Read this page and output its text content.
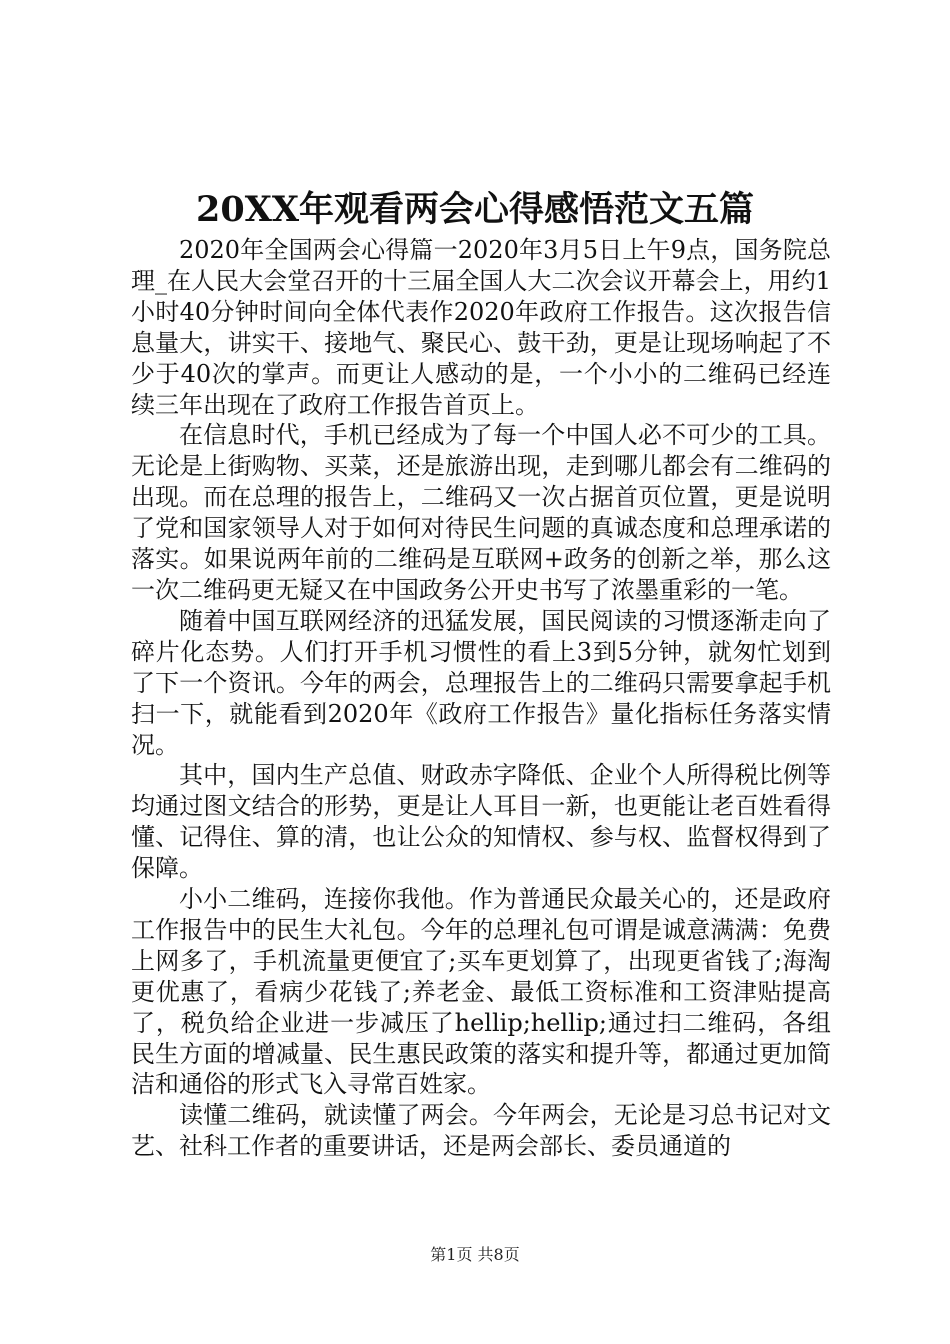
20XX年观看两会心得感悟范文五篇

2020年全国两会心得篇一2020年3月5日上午9点，国务院总理_在人民大会堂召开的十三届全国人大二次会议开幕会上，用约1小时40分钟时间向全体代表作2020年政府工作报告。这次报告信息量大，讲实干、接地气、聚民心、鼓干劲，更是让现场响起了不少于40次的掌声。而更让人感动的是，一个小小的二维码已经连续三年出现在了政府工作报告首页上。

在信息时代，手机已经成为了每一个中国人必不可少的工具。无论是上街购物、买菜，还是旅游出现，走到哪儿都会有二维码的出现。而在总理的报告上，二维码又一次占据首页位置，更是说明了党和国家领导人对于如何对待民生问题的真诚态度和总理承诺的落实。如果说两年前的二维码是互联网+政务的创新之举，那么这一次二维码更无疑又在中国政务公开史书写了浓墨重彩的一笔。

随着中国互联网经济的迅猛发展，国民阅读的习惯逐渐走向了碎片化态势。人们打开手机习惯性的看上3到5分钟，就匆忙划到了下一个资讯。今年的两会，总理报告上的二维码只需要拿起手机扫一下，就能看到2020年《政府工作报告》量化指标任务落实情况。

其中，国内生产总值、财政赤字降低、企业个人所得税比例等均通过图文结合的形势，更是让人耳目一新，也更能让老百姓看得懂、记得住、算的清，也让公众的知情权、参与权、监督权得到了保障。

小小二维码，连接你我他。作为普通民众最关心的，还是政府工作报告中的民生大礼包。今年的总理礼包可谓是诚意满满：免费上网多了，手机流量更便宜了;买车更划算了，出现更省钱了;海淘更优惠了，看病少花钱了;养老金、最低工资标准和工资津贴提高了，税负给企业进一步减压了hellip;hellip;通过扫二维码，各组民生方面的增减量、民生惠民政策的落实和提升等，都通过更加简洁和通俗的形式飞入寻常百姓家。

读懂二维码，就读懂了两会。今年两会，无论是习总书记对文艺、社科工作者的重要讲话，还是两会部长、委员通道的

第1页 共8页
